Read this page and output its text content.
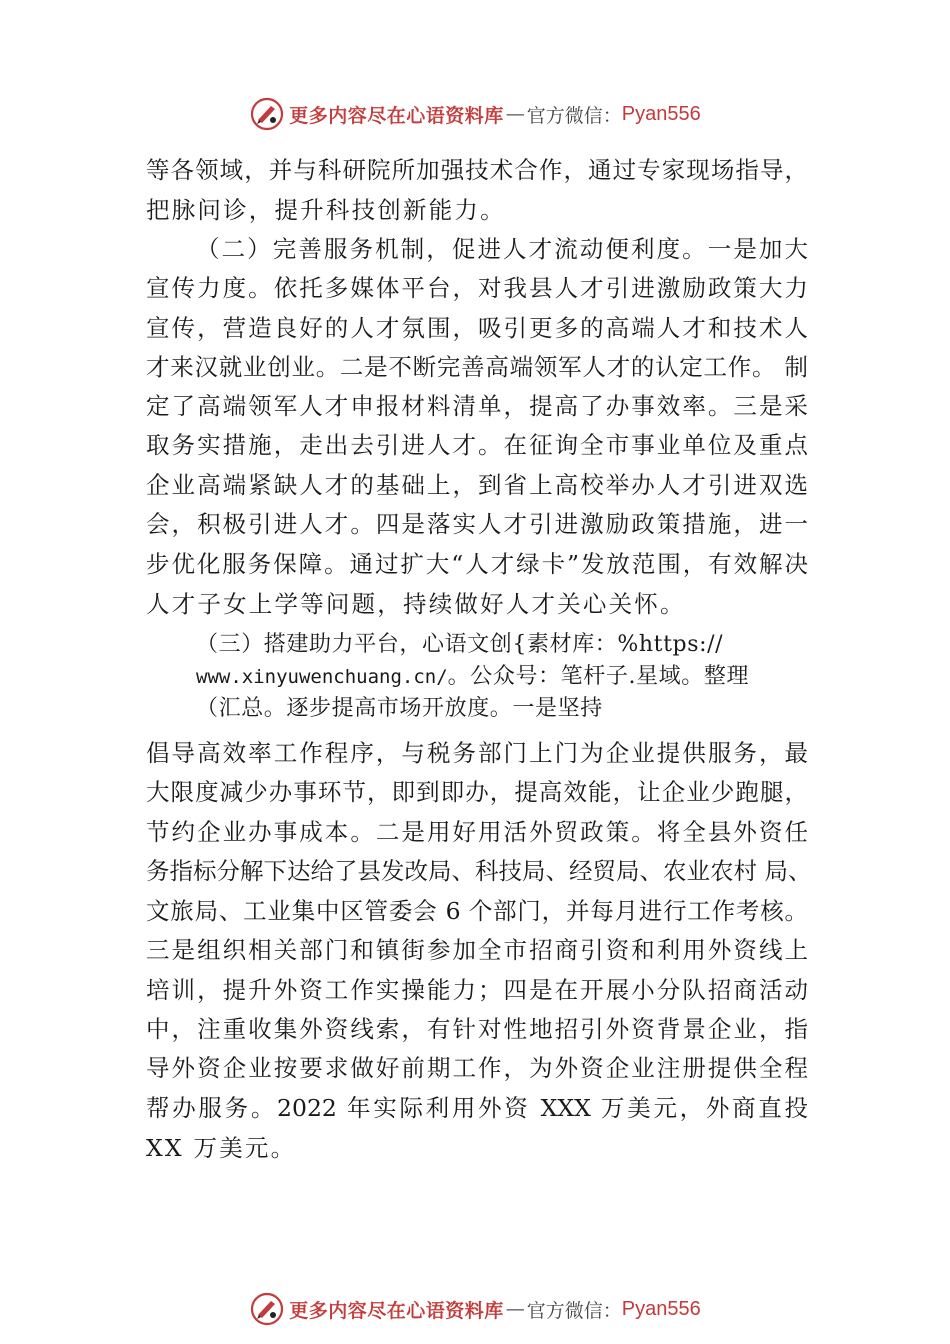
更多内容尽在心语资料库 — 官方微信： Pyan556
等各领域，并与科研院所加强技术合作，通过专家现场指导，
把脉问诊，提升科技创新能力。
（二）完善服务机制，促进人才流动便利度。一是加大
宣传力度。依托多媒体平台，对我县人才引进激励政策大力
宣传，营造良好的人才氛围，吸引更多的高端人才和技术人
才来汉就业创业。二是不断完善高端领军人才的认定工作。 制
定了高端领军人才申报材料清单，提高了办事效率。三是采
取务实措施，走出去引进人才。在征询全市事业单位及重点
企业高端紧缺人才的基础上，到省上高校举办人才引进双选
会，积极引进人才。四是落实人才引进激励政策措施，进一
步优化服务保障。通过扩大“人才绿卡”发放范围，有效解决
人才子女上学等问题，持续做好人才关心关怀。
（三）搭建助力平台，心语文创{素材库：%https://
www.xinyuwenchuang.cn/。公众号：笔杆子.星域。整理
（汇总。逐步提高市场开放度。一是坚持
倡导高效率工作程序，与税务部门上门为企业提供服务，最
大限度减少办事环节，即到即办，提高效能，让企业少跑腿，
节约企业办事成本。二是用好用活外贸政策。将全县外资任
务指标分解下达给了县发改局、科技局、经贸局、农业农村 局、
文旅局、工业集中区管委会 6 个部门，并每月进行工作考核。
三是组织相关部门和镇街参加全市招商引资和利用外资线上
培训，提升外资工作实操能力；四是在开展小分队招商活动
中，注重收集外资线索，有针对性地招引外资背景企业，指
导外资企业按要求做好前期工作，为外资企业注册提供全程
帮办服务。2022 年实际利用外资 XXX 万美元，外商直投
XX 万美元。
更多内容尽在心语资料库 — 官方微信： Pyan556
